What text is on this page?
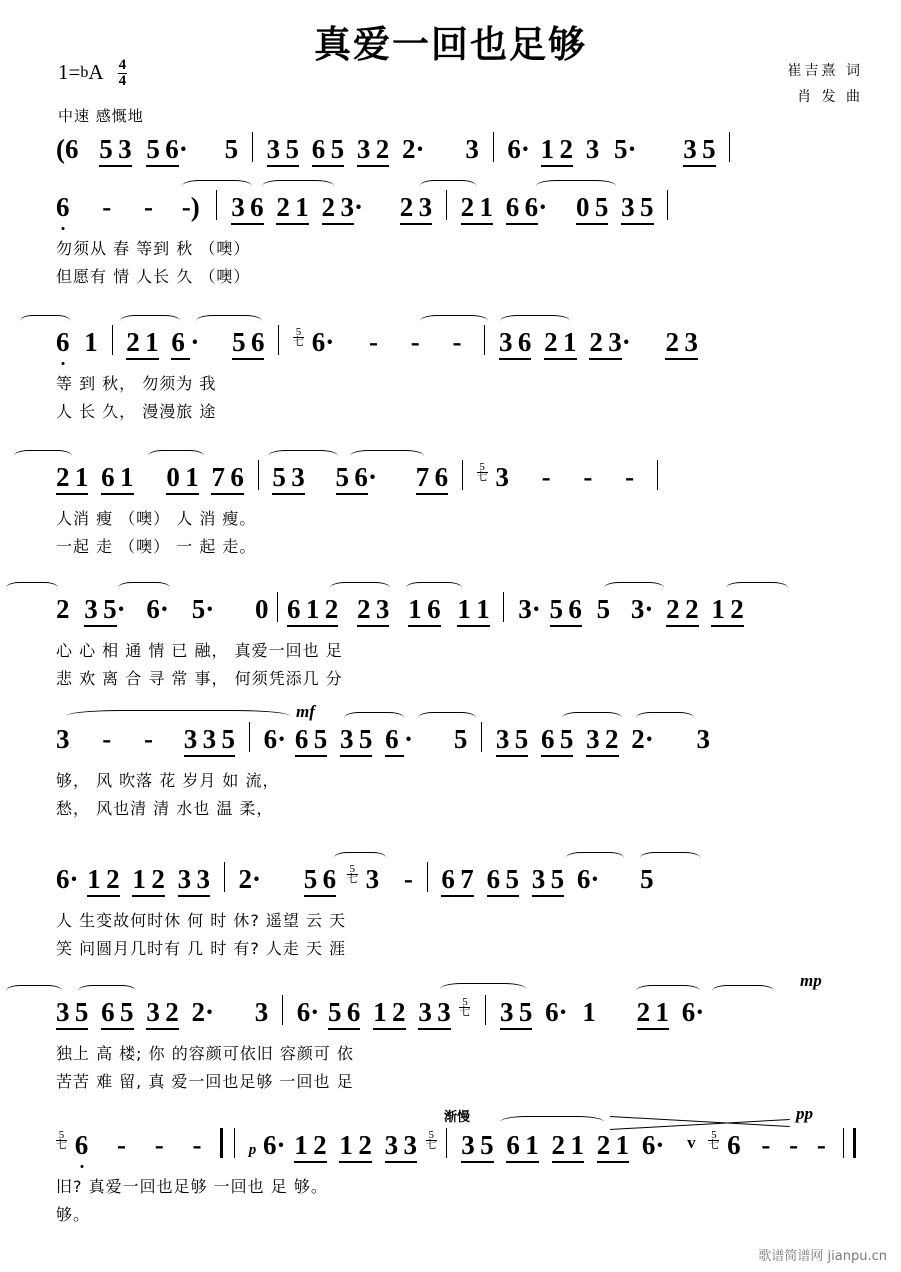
真爱一回也足够
$1=bA \frac{4}{4}$
中速 感慨地
崔吉熹 词
肖 发 曲
(6 5 3 5 6· 5 3 5 6 5 3 2 2· 3 6· 1 2 3 5· 3 5
6 - - -) 3 6 2 1 2 3· 2 3 2 1 6 6· 0 5 3 5
勿须从 春 等到 秋 （噢）
但愿有 情 人长 久 （噢）
6 1 2 1 6 · 5 6	5
七 6· - - - 3 6 2 1 2 3· 2 3
等 到 秋， 勿须为 我
人 长 久， 漫漫旅 途
2 1 6 1 0 1 7 6 5 3 5 6· 7 6	5
七 3 - - -
人消 瘦 （噢） 人 消 瘦。
一起 走 （噢） 一 起 走。
2 3 5· 6· 5· 0 6 1 2 2 3 1 6 1 1 3· 5 6 5 3· 2 2 1 2
心 心 相 通 情 已 融， 真爱一回也 足
悲 欢 离 合 寻 常 事， 何须凭添几 分
3 - - 3 3 5 6· 6 5 3 5 6 · 5 3 5 6 5 3 2 2· 3
mf
够， 风 吹落 花 岁月 如 流，
愁， 风也清 清 水也 温 柔，
6· 1 2 1 2 3 3 2· 5 6 5
七 3 - 6 7 6 5 3 5 6· 5
人 生变故何时休 何 时 休? 遥望 云 天
笑 问圆月几时有 几 时 有? 人走 天 涯
3 5 6 5 3 2 2· 3 6· 5 6 1 2 3 3 5
七 3 5 6· 1 2 1 6·
mp
独上 高 楼; 你 的容颜可依旧 容颜可 依
苦苦 难 留, 真 爱一回也足够 一回也 足
5
七 6 - - -	p 6· 1 2 1 2 3 3 5
七 3 5 6 1 2 1 2 1 6· v 5
七 6 - - -
渐慢	pp
旧? 真爱一回也足够 一回也 足 够。
够。
歌谱简谱网 jianpu.cn
